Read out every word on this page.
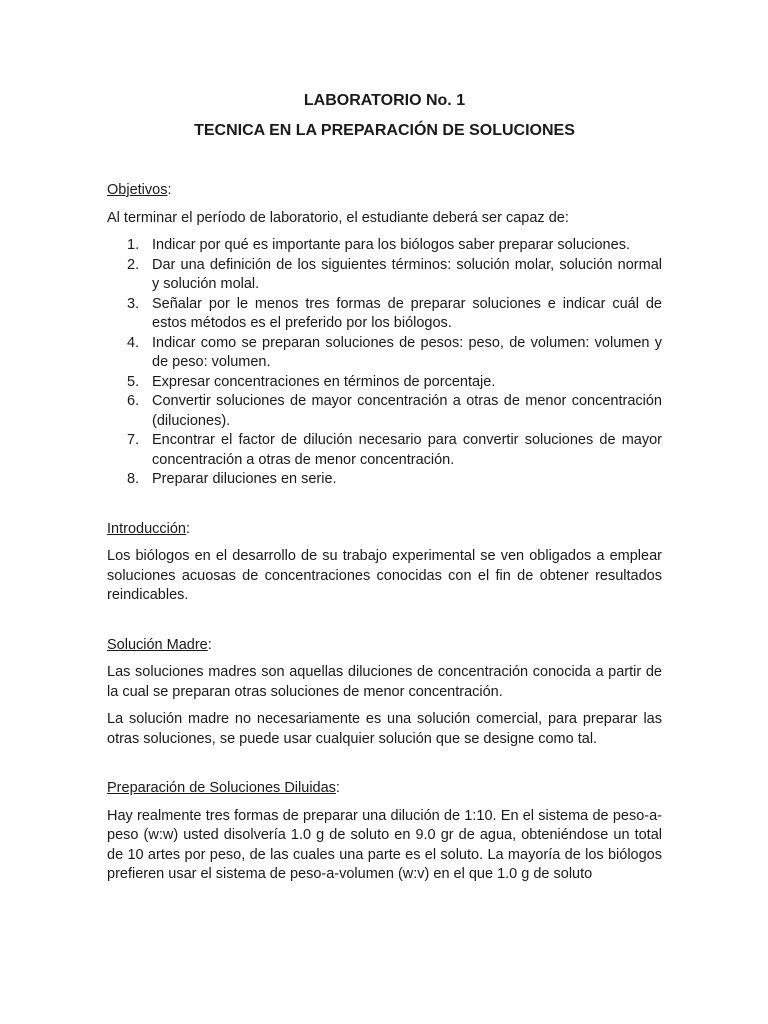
LABORATORIO No. 1

TECNICA EN LA PREPARACIÓN DE SOLUCIONES

Objetivos:

Al terminar el período de laboratorio, el estudiante deberá ser capaz de:

1. Indicar por qué es importante para los biólogos saber preparar soluciones.
2. Dar una definición de los siguientes términos: solución molar, solución normal y solución molal.
3. Señalar por le menos tres formas de preparar soluciones e indicar cuál de estos métodos es el preferido por los biólogos.
4. Indicar como se preparan soluciones de pesos: peso, de volumen: volumen y de peso: volumen.
5. Expresar concentraciones en términos de porcentaje.
6. Convertir soluciones de mayor concentración a otras de menor concentración (diluciones).
7. Encontrar el factor de dilución necesario para convertir soluciones de mayor concentración a otras de menor concentración.
8. Preparar diluciones en serie.

Introducción:

Los biólogos en el desarrollo de su trabajo experimental se ven obligados a emplear soluciones acuosas de concentraciones conocidas con el fin de obtener resultados reindicables.

Solución Madre:

Las soluciones madres son aquellas diluciones de concentración conocida a partir de la cual se preparan otras soluciones de menor concentración.

La solución madre no necesariamente es una solución comercial, para preparar las otras soluciones, se puede usar cualquier solución que se designe como tal.

Preparación de Soluciones Diluidas:

Hay realmente tres formas de preparar una dilución de 1:10. En el sistema de peso-a-peso (w:w) usted disolvería 1.0 g de soluto en 9.0 gr de agua, obteniéndose un total de 10 artes por peso, de las cuales una parte es el soluto. La mayoría de los biólogos prefieren usar el sistema de peso-a-volumen (w:v) en el que 1.0 g de soluto
